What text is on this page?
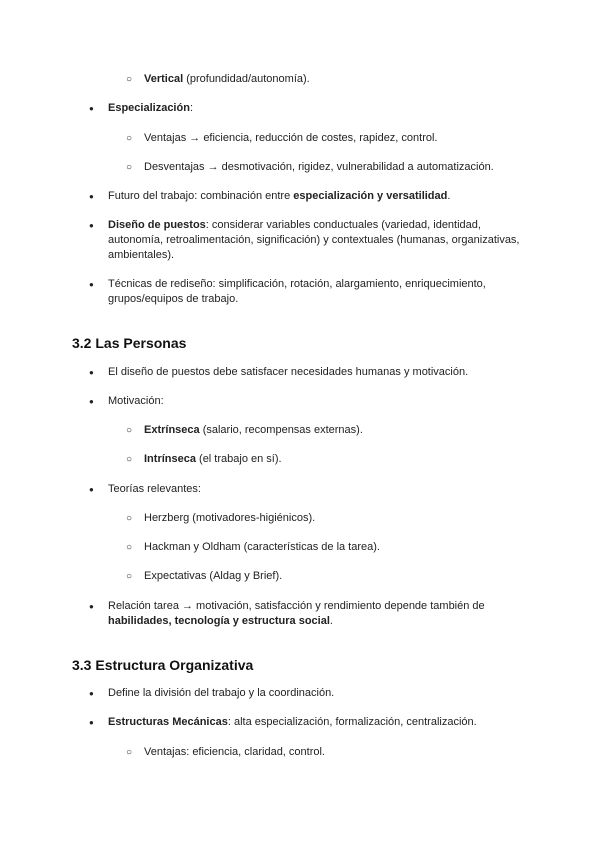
○ Vertical (profundidad/autonomía).
● Especialización:
○ Ventajas → eficiencia, reducción de costes, rapidez, control.
○ Desventajas → desmotivación, rigidez, vulnerabilidad a automatización.
● Futuro del trabajo: combinación entre especialización y versatilidad.
● Diseño de puestos: considerar variables conductuales (variedad, identidad, autonomía, retroalimentación, significación) y contextuales (humanas, organizativas, ambientales).
● Técnicas de rediseño: simplificación, rotación, alargamiento, enriquecimiento, grupos/equipos de trabajo.
3.2 Las Personas
● El diseño de puestos debe satisfacer necesidades humanas y motivación.
● Motivación:
○ Extrínseca (salario, recompensas externas).
○ Intrínseca (el trabajo en sí).
● Teorías relevantes:
○ Herzberg (motivadores-higiénicos).
○ Hackman y Oldham (características de la tarea).
○ Expectativas (Aldag y Brief).
● Relación tarea → motivación, satisfacción y rendimiento depende también de habilidades, tecnología y estructura social.
3.3 Estructura Organizativa
● Define la división del trabajo y la coordinación.
● Estructuras Mecánicas: alta especialización, formalización, centralización.
○ Ventajas: eficiencia, claridad, control.
